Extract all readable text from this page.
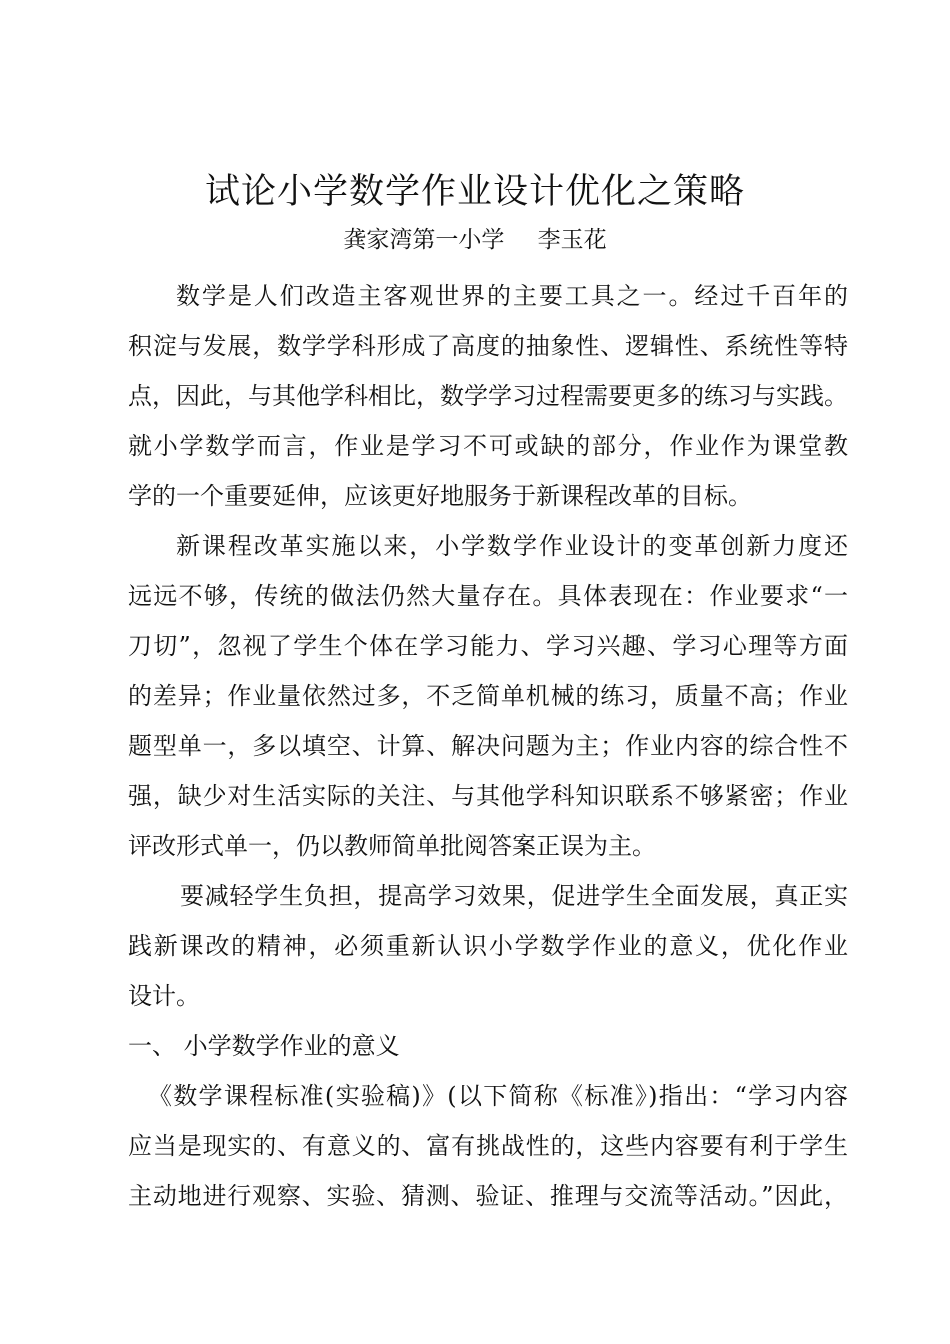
试论小学数学作业设计优化之策略
龚家湾第一小学 李玉花
数学是人们改造主客观世界的主要工具之一。经过千百年的
积淀与发展，数学学科形成了高度的抽象性、逻辑性、系统性等特
点，因此，与其他学科相比，数学学习过程需要更多的练习与实践。
就小学数学而言，作业是学习不可或缺的部分，作业作为课堂教
学的一个重要延伸，应该更好地服务于新课程改革的目标。
新课程改革实施以来，小学数学作业设计的变革创新力度还
远远不够，传统的做法仍然大量存在。具体表现在：作业要求“一
刀切”，忽视了学生个体在学习能力、学习兴趣、学习心理等方面
的差异；作业量依然过多，不乏简单机械的练习，质量不高；作业
题型单一，多以填空、计算、解决问题为主；作业内容的综合性不
强，缺少对生活实际的关注、与其他学科知识联系不够紧密；作业
评改形式单一，仍以教师简单批阅答案正误为主。
要减轻学生负担，提高学习效果，促进学生全面发展，真正实
践新课改的精神，必须重新认识小学数学作业的意义，优化作业
设计。
一、 小学数学作业的意义
《数学课程标准(实验稿)》(以下简称《标准》)指出：“学习内容
应当是现实的、有意义的、富有挑战性的，这些内容要有利于学生
主动地进行观察、实验、猜测、验证、推理与交流等活动。”因此，
